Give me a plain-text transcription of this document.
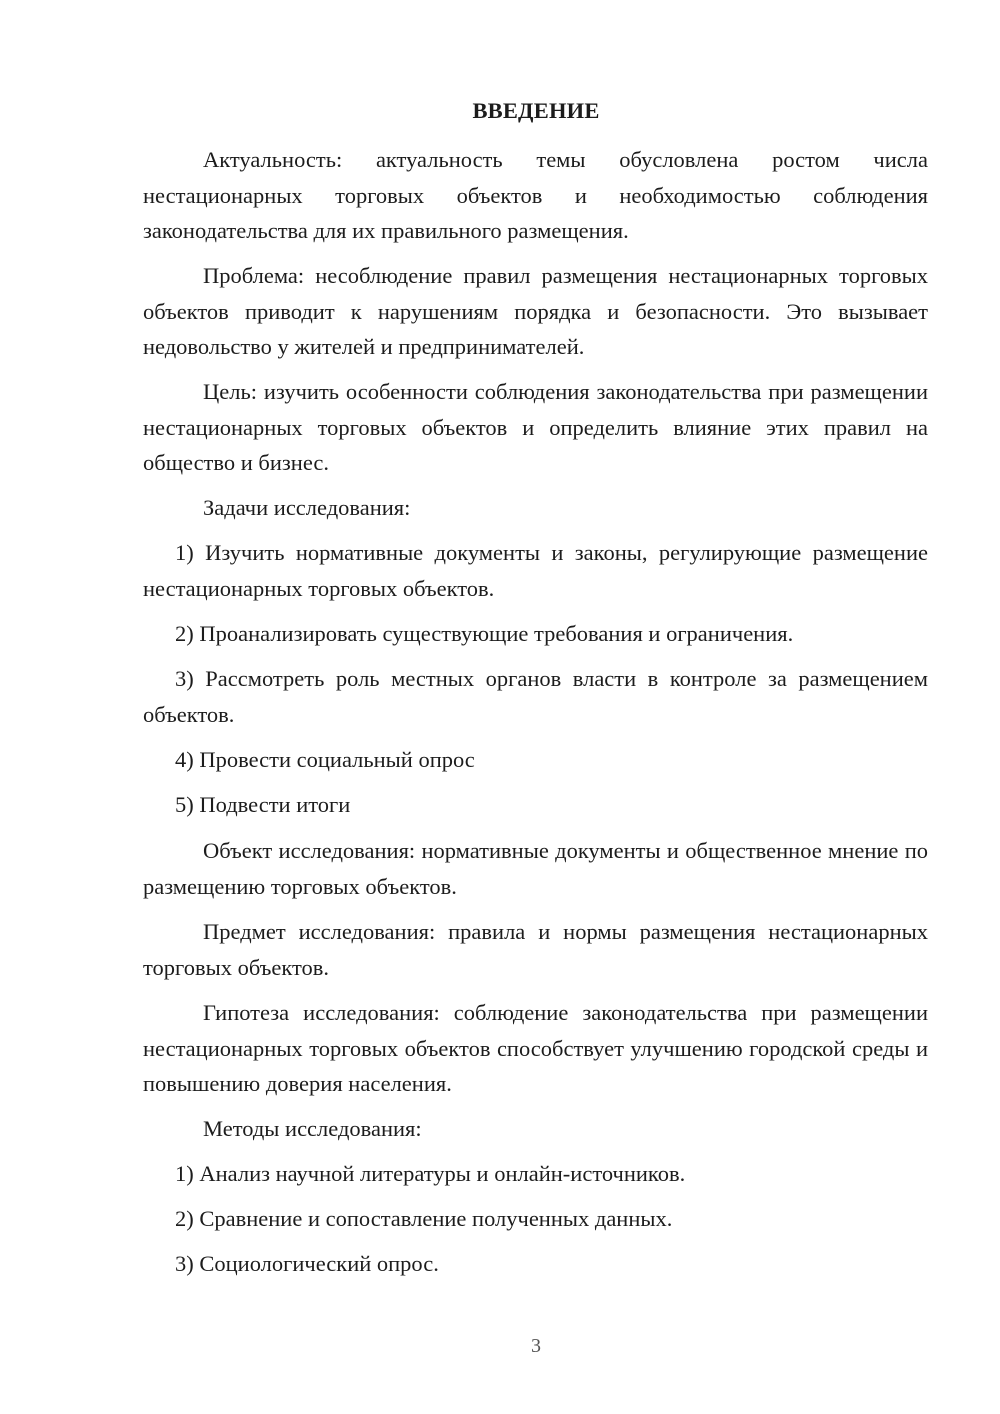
ВВЕДЕНИЕ

Актуальность: актуальность темы обусловлена ростом числа нестационарных торговых объектов и необходимостью соблюдения законодательства для их правильного размещения.

Проблема: несоблюдение правил размещения нестационарных торговых объектов приводит к нарушениям порядка и безопасности. Это вызывает недовольство у жителей и предпринимателей.

Цель: изучить особенности соблюдения законодательства при размещении нестационарных торговых объектов и определить влияние этих правил на общество и бизнес.

Задачи исследования:

1) Изучить нормативные документы и законы, регулирующие размещение нестационарных торговых объектов.

2) Проанализировать существующие требования и ограничения.

3) Рассмотреть роль местных органов власти в контроле за размещением объектов.

4) Провести социальный опрос

5) Подвести итоги

Объект исследования: нормативные документы и общественное мнение по размещению торговых объектов.

Предмет исследования: правила и нормы размещения нестационарных торговых объектов.

Гипотеза исследования: соблюдение законодательства при размещении нестационарных торговых объектов способствует улучшению городской среды и повышению доверия населения.

Методы исследования:

1) Анализ научной литературы и онлайн-источников.

2) Сравнение и сопоставление полученных данных.

3) Социологический опрос.

3
